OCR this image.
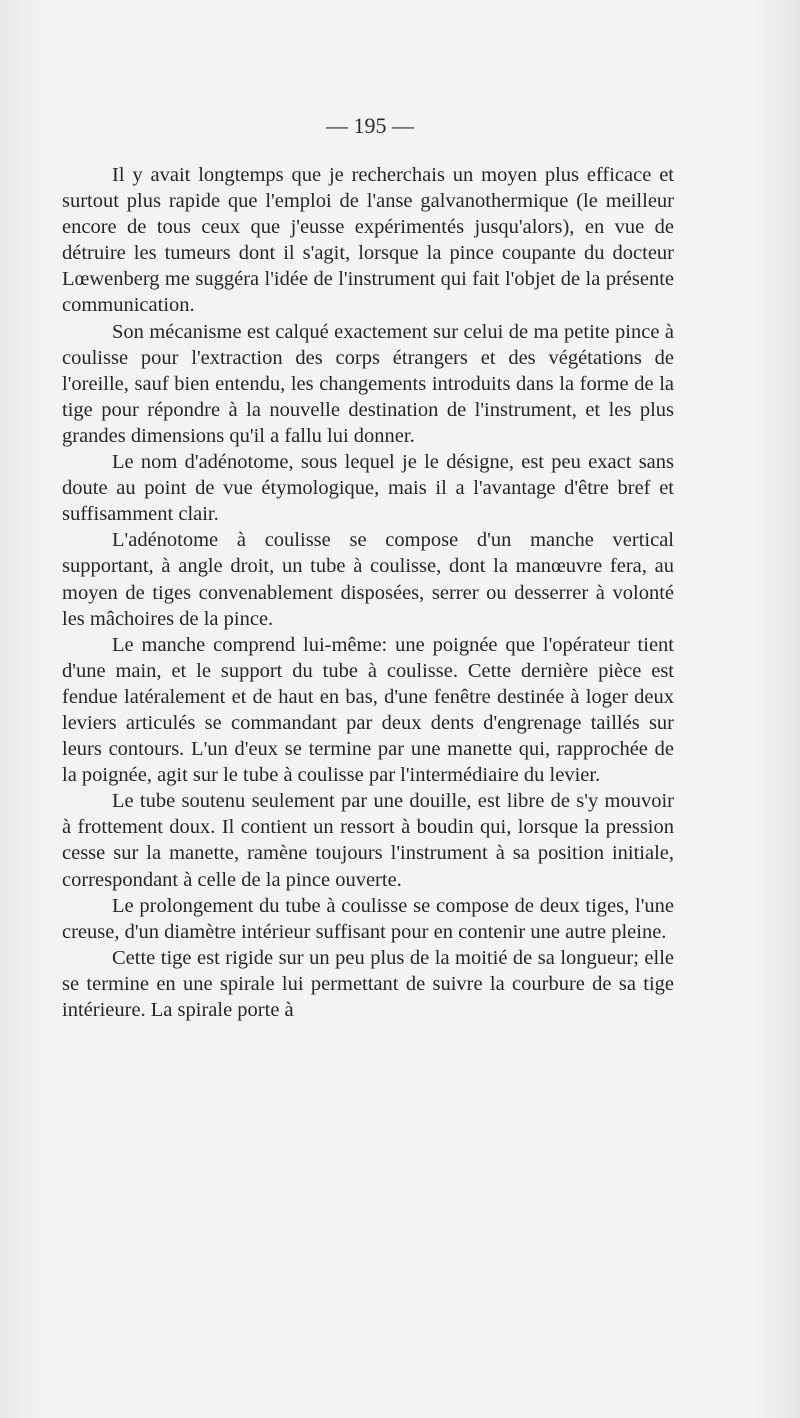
— 195 —

Il y avait longtemps que je recherchais un moyen plus efficace et surtout plus rapide que l'emploi de l'anse galvanothermique (le meilleur encore de tous ceux que j'eusse expérimentés jusqu'alors), en vue de détruire les tumeurs dont il s'agit, lorsque la pince coupante du docteur Lœwenberg me suggéra l'idée de l'instrument qui fait l'objet de la présente communication.

Son mécanisme est calqué exactement sur celui de ma petite pince à coulisse pour l'extraction des corps étrangers et des végétations de l'oreille, sauf bien entendu, les changements introduits dans la forme de la tige pour répondre à la nouvelle destination de l'instrument, et les plus grandes dimensions qu'il a fallu lui donner.

Le nom d'adénotome, sous lequel je le désigne, est peu exact sans doute au point de vue étymologique, mais il a l'avantage d'être bref et suffisamment clair.

L'adénotome à coulisse se compose d'un manche vertical supportant, à angle droit, un tube à coulisse, dont la manœuvre fera, au moyen de tiges convenablement disposées, serrer ou desserrer à volonté les mâchoires de la pince.

Le manche comprend lui-même: une poignée que l'opérateur tient d'une main, et le support du tube à coulisse. Cette dernière pièce est fendue latéralement et de haut en bas, d'une fenêtre destinée à loger deux leviers articulés se commandant par deux dents d'engrenage taillés sur leurs contours. L'un d'eux se termine par une manette qui, rapprochée de la poignée, agit sur le tube à coulisse par l'intermédiaire du levier.

Le tube soutenu seulement par une douille, est libre de s'y mouvoir à frottement doux. Il contient un ressort à boudin qui, lorsque la pression cesse sur la manette, ramène toujours l'instrument à sa position initiale, correspondant à celle de la pince ouverte.

Le prolongement du tube à coulisse se compose de deux tiges, l'une creuse, d'un diamètre intérieur suffisant pour en contenir une autre pleine.

Cette tige est rigide sur un peu plus de la moitié de sa longueur; elle se termine en une spirale lui permettant de suivre la courbure de sa tige intérieure. La spirale porte à
